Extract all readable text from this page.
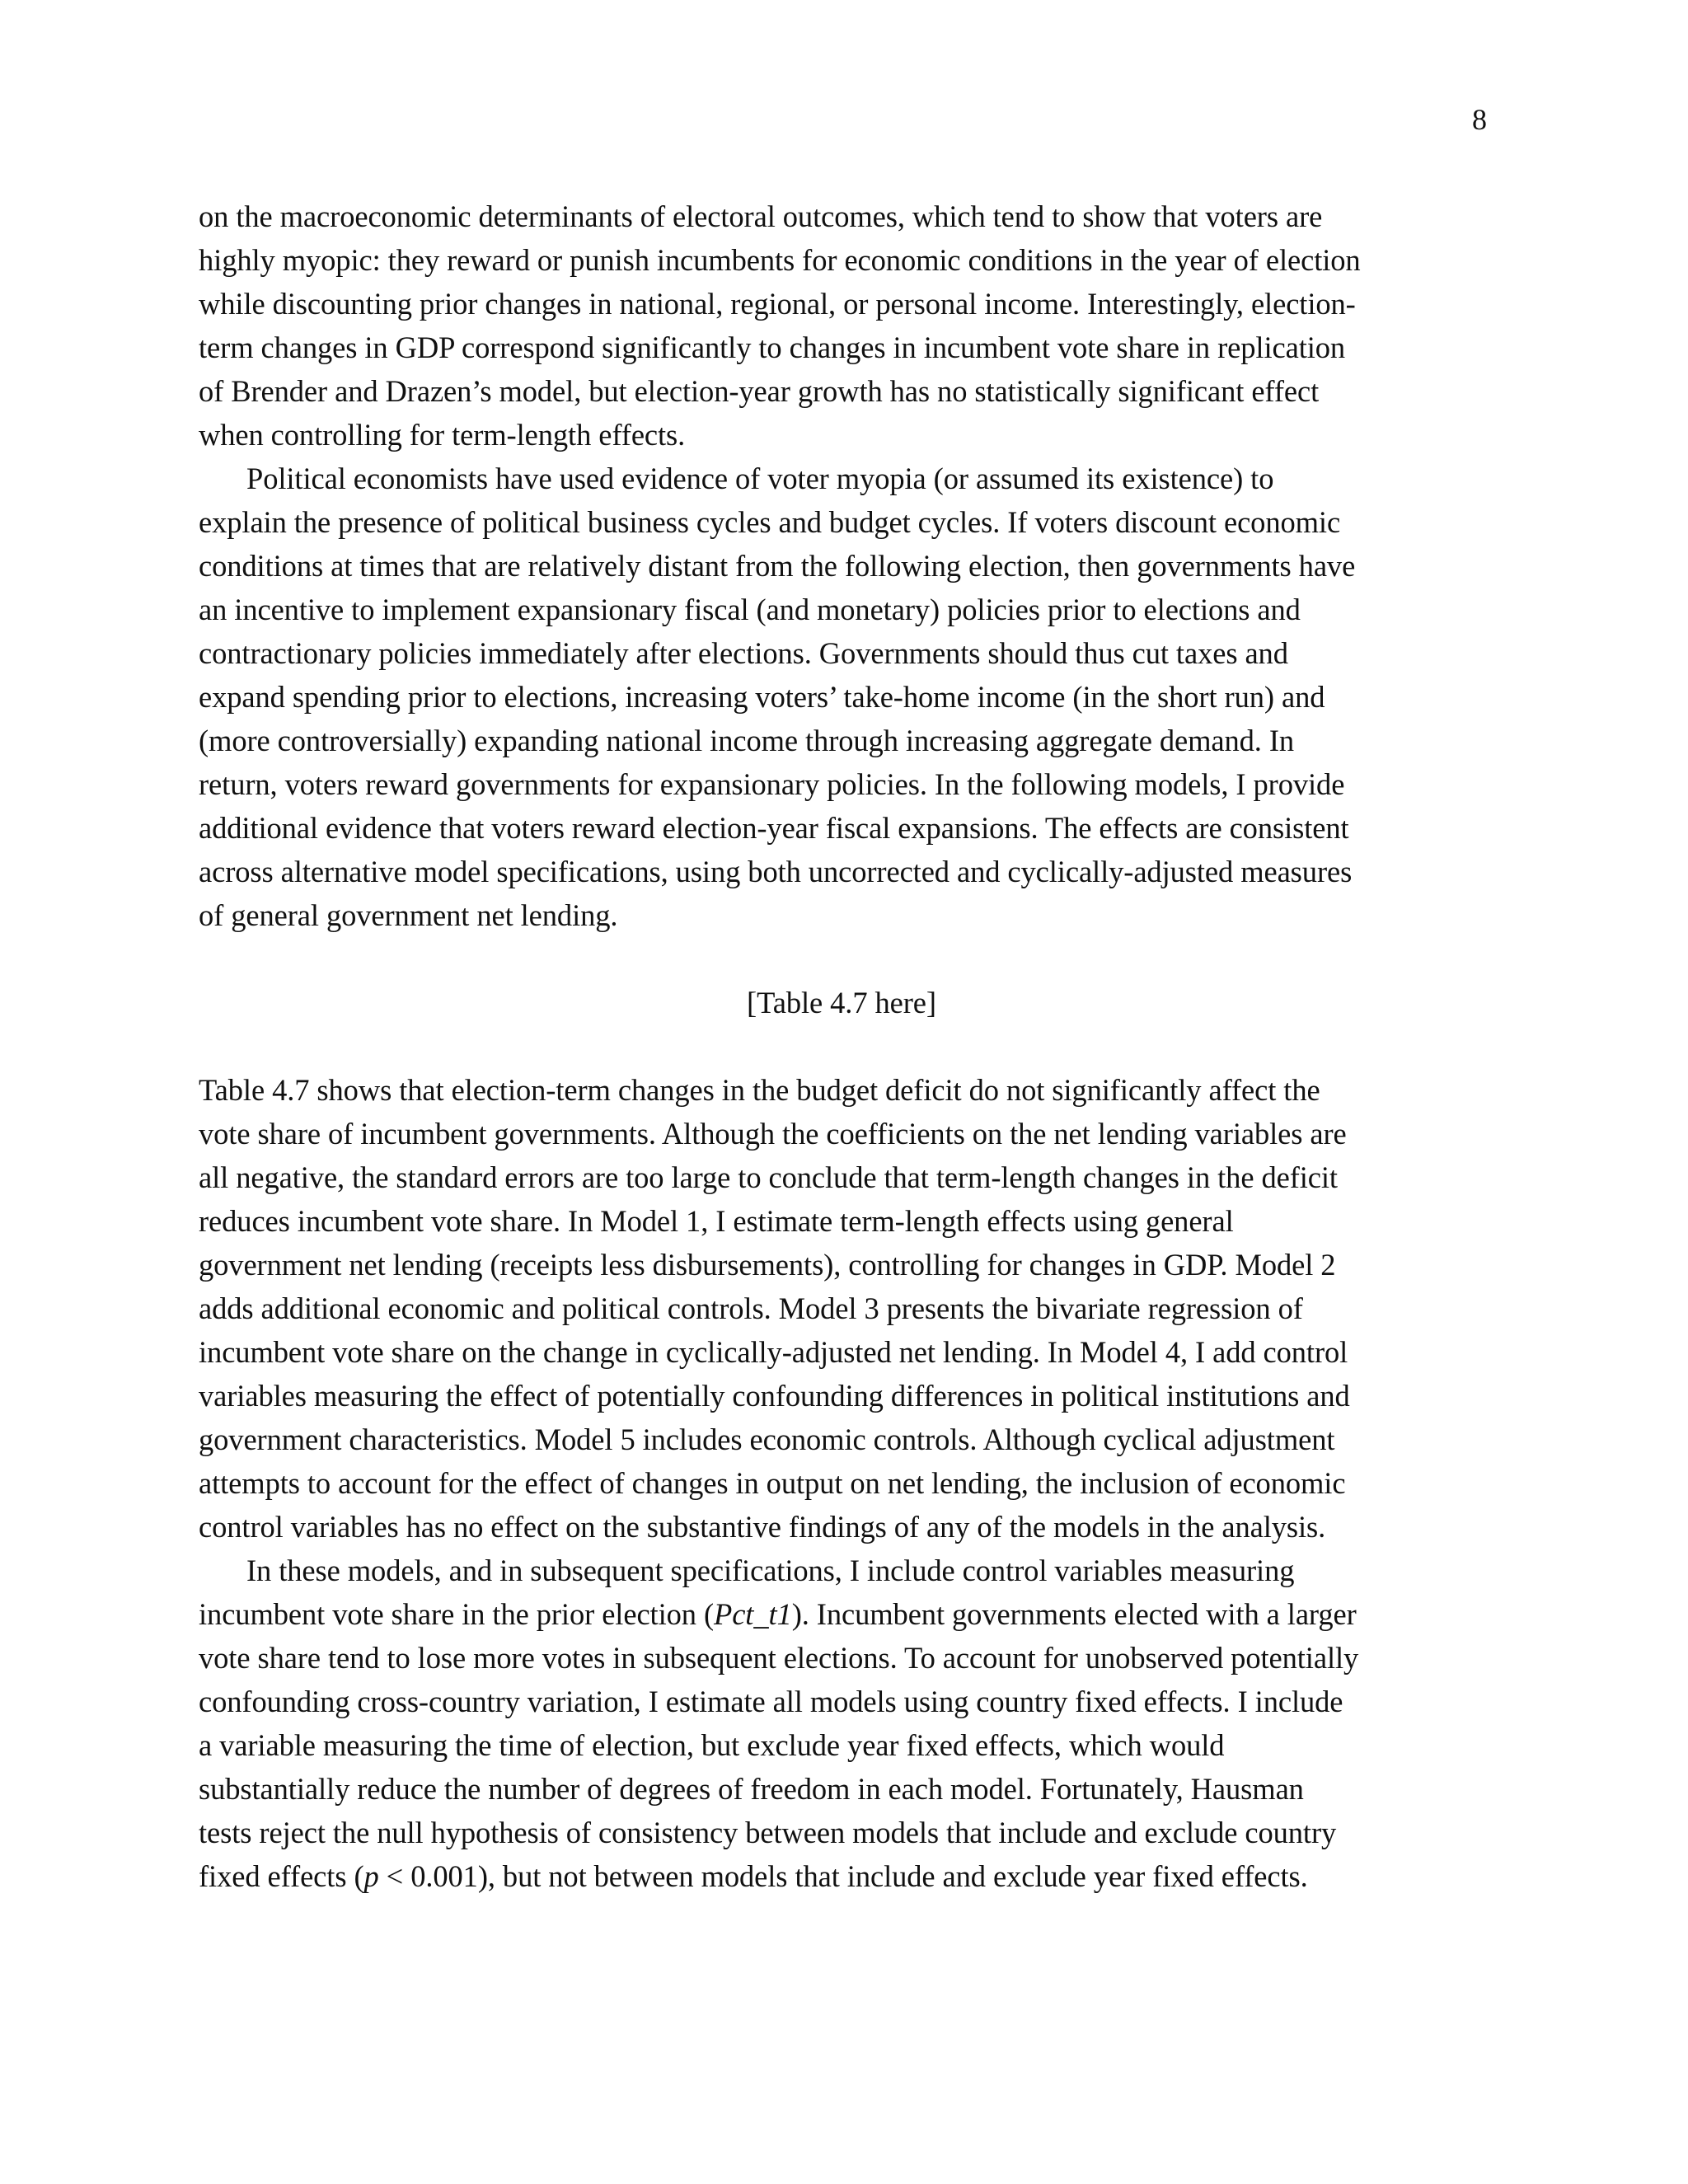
8

on the macroeconomic determinants of electoral outcomes, which tend to show that voters are
highly myopic: they reward or punish incumbents for economic conditions in the year of election
while discounting prior changes in national, regional, or personal income. Interestingly, election-
term changes in GDP correspond significantly to changes in incumbent vote share in replication
of Brender and Drazen’s model, but election-year growth has no statistically significant effect
when controlling for term-length effects.

Political economists have used evidence of voter myopia (or assumed its existence) to
explain the presence of political business cycles and budget cycles. If voters discount economic
conditions at times that are relatively distant from the following election, then governments have
an incentive to implement expansionary fiscal (and monetary) policies prior to elections and
contractionary policies immediately after elections. Governments should thus cut taxes and
expand spending prior to elections, increasing voters’ take-home income (in the short run) and
(more controversially) expanding national income through increasing aggregate demand. In
return, voters reward governments for expansionary policies. In the following models, I provide
additional evidence that voters reward election-year fiscal expansions. The effects are consistent
across alternative model specifications, using both uncorrected and cyclically-adjusted measures
of general government net lending.

[Table 4.7 here]

Table 4.7 shows that election-term changes in the budget deficit do not significantly affect the
vote share of incumbent governments. Although the coefficients on the net lending variables are
all negative, the standard errors are too large to conclude that term-length changes in the deficit
reduces incumbent vote share. In Model 1, I estimate term-length effects using general
government net lending (receipts less disbursements), controlling for changes in GDP. Model 2
adds additional economic and political controls. Model 3 presents the bivariate regression of
incumbent vote share on the change in cyclically-adjusted net lending. In Model 4, I add control
variables measuring the effect of potentially confounding differences in political institutions and
government characteristics. Model 5 includes economic controls. Although cyclical adjustment
attempts to account for the effect of changes in output on net lending, the inclusion of economic
control variables has no effect on the substantive findings of any of the models in the analysis.

In these models, and in subsequent specifications, I include control variables measuring
incumbent vote share in the prior election (Pct_t1). Incumbent governments elected with a larger
vote share tend to lose more votes in subsequent elections. To account for unobserved potentially
confounding cross-country variation, I estimate all models using country fixed effects. I include
a variable measuring the time of election, but exclude year fixed effects, which would
substantially reduce the number of degrees of freedom in each model. Fortunately, Hausman
tests reject the null hypothesis of consistency between models that include and exclude country
fixed effects (p < 0.001), but not between models that include and exclude year fixed effects.
